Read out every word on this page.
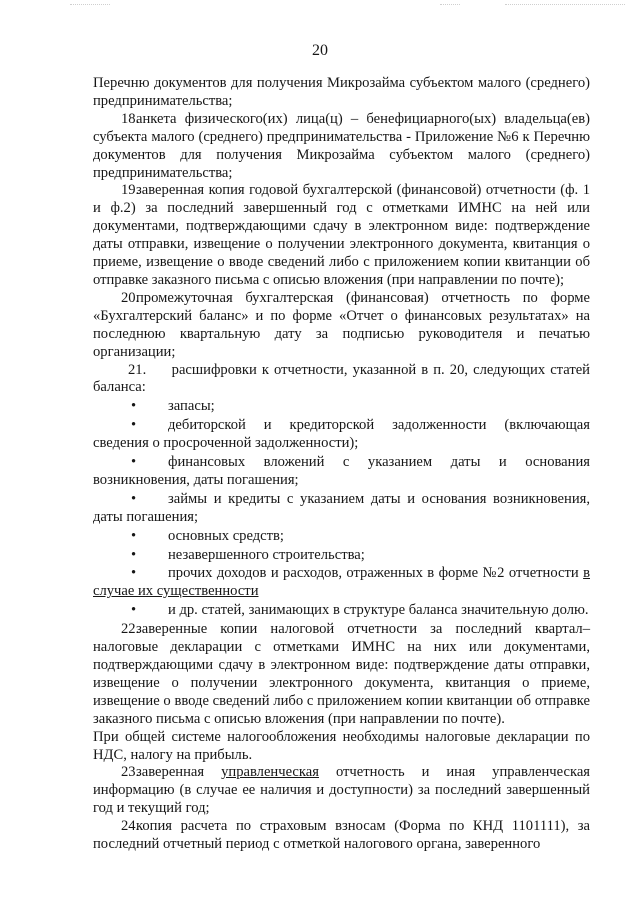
20

Перечню документов для получения Микрозайма субъектом малого (среднего) предпринимательства;

18.
анкета физического(их) лица(ц) – бенефициарного(ых) владельца(ев) субъекта малого (среднего) предпринимательства - Приложение №6 к Перечню документов для получения Микрозайма субъектом малого (среднего) предпринимательства;

19.
заверенная копия годовой бухгалтерской (финансовой) отчетности (ф. 1 и ф.2) за последний завершенный год с отметками ИМНС на ней или документами, подтверждающими сдачу в электронном виде: подтверждение даты отправки, извещение о получении электронного документа, квитанция о приеме, извещение о вводе сведений либо с приложением копии квитанции об отправке заказного письма с описью вложения (при направлении по почте);

20.
промежуточная бухгалтерская (финансовая) отчетность по форме «Бухгалтерский баланс» и по форме «Отчет о финансовых результатах» на последнюю квартальную дату за подписью руководителя и печатью организации;

21. расшифровки к отчетности, указанной в п. 20, следующих статей баланса:

• запасы;

• дебиторской и кредиторской задолженности (включающая сведения о просроченной задолженности);

• финансовых вложений с указанием даты и основания возникновения, даты погашения;

• займы и кредиты с указанием даты и основания возникновения, даты погашения;

• основных средств;

• незавершенного строительства;

• прочих доходов и расходов, отраженных в форме №2 отчетности в случае их существенности

• и др. статей, занимающих в структуре баланса значительную долю.

22.
заверенные копии налоговой отчетности за последний квартал– налоговые декларации с отметками ИМНС на них или документами, подтверждающими сдачу в электронном виде: подтверждение даты отправки, извещение о получении электронного документа, квитанция о приеме, извещение о вводе сведений либо с приложением копии квитанции об отправке заказного письма с описью вложения (при направлении по почте).

При общей системе налогообложения необходимы налоговые декларации по НДС, налогу на прибыль.

23.
заверенная управленческая отчетность и иная управленческая информацию (в случае ее наличия и доступности) за последний завершенный год и текущий год;

24.
копия расчета по страховым взносам (Форма по КНД 1101111), за последний отчетный период с отметкой налогового органа, заверенного
